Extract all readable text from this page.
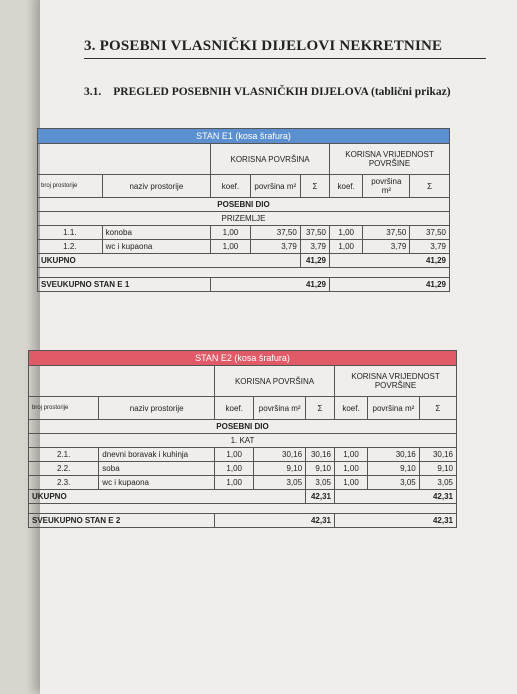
3. POSEBNI VLASNIČKI DIJELOVI NEKRETNINE
3.1. PREGLED POSEBNIH VLASNIČKIH DIJELOVA (tablični prikaz)
STAN E1 (kosa šrafura)							
		KORISNA POVRŠINA			KORISNA VRIJEDNOST POVRŠINE		
broj prostorije	naziv prostorije	koef.	površina m²	Σ	koef.	površina m²	Σ
POSEBNI DIO							
PRIZEMLJE							
1.1.	konoba	1,00	37,50	37,50	1,00	37,50	37,50
1.2.	wc i kupaona	1,00	3,79	3,79	1,00	3,79	3,79
UKUPNO				41,29	41,29		

SVEUKUPNO STAN E 1		41,29			41,29		
STAN E2 (kosa šrafura)							
		KORISNA POVRŠINA			KORISNA VRIJEDNOST POVRŠINE		
broj prostorije	naziv prostorije	koef.	površina m²	Σ	koef.	površina m²	Σ
POSEBNI DIO							
1. KAT							
2.1.	dnevni boravak i kuhinja	1,00	30,16	30,16	1,00	30,16	30,16
2.2.	soba	1,00	9,10	9,10	1,00	9,10	9,10
2.3.	wc i kupaona	1,00	3,05	3,05	1,00	3,05	3,05
UKUPNO				42,31	42,31		

SVEUKUPNO STAN E 2		42,31			42,31		
